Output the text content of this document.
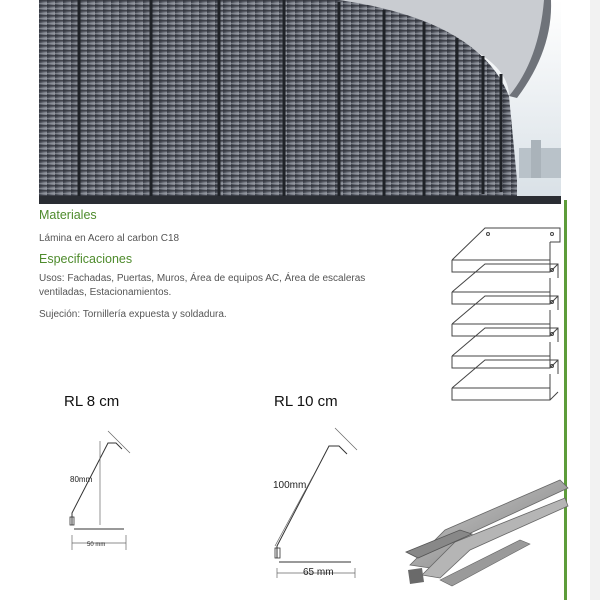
Materiales
Lámina en Acero al carbon C18
Especificaciones
Usos: Fachadas, Puertas, Muros, Área de equipos AC, Área de escaleras
ventiladas, Estacionamientos.
Sujeción: Tornillería expuesta y soldadura.
RL 8 cm	RL 10 cm
80mm
50 mm
100mm
65 mm
